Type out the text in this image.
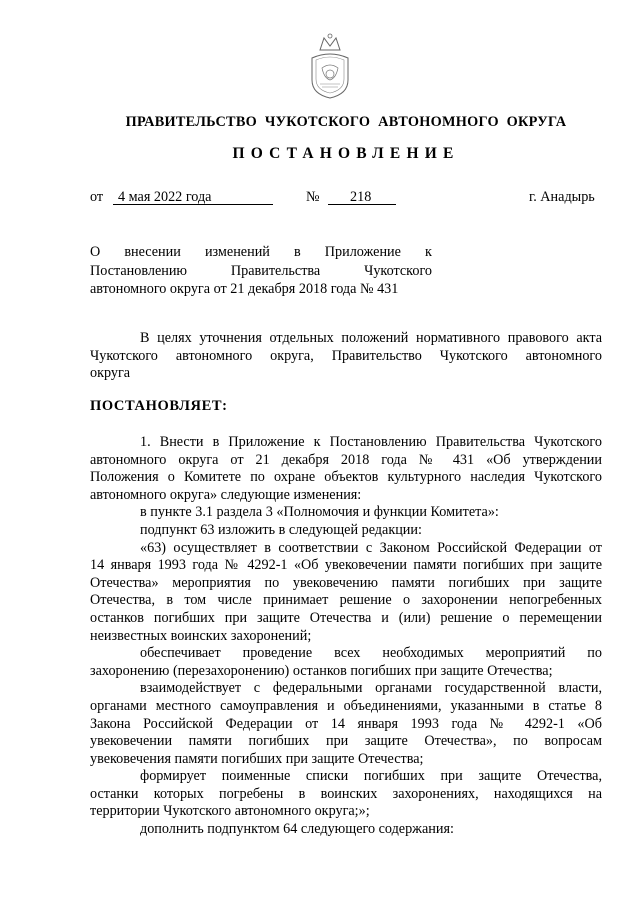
ПРАВИТЕЛЬСТВО ЧУКОТСКОГО АВТОНОМНОГО ОКРУГА
ПОСТАНОВЛЕНИЕ
от	4 мая 2022 года	№	218	г. Анадырь
О внесении изменений в Приложение к
Постановлению	Правительства	Чукотского
автономного округа от 21 декабря 2018 года № 431
В целях уточнения отдельных положений нормативного правового акта
Чукотского автономного округа, Правительство Чукотского автономного
округа
ПОСТАНОВЛЯЕТ:
1. Внести в Приложение к Постановлению Правительства Чукотского
автономного округа от 21 декабря 2018 года № 431 «Об утверждении
Положения о Комитете по охране объектов культурного наследия Чукотского
автономного округа» следующие изменения:
в пункте 3.1 раздела 3 «Полномочия и функции Комитета»:
подпункт 63 изложить в следующей редакции:
«63) осуществляет в соответствии с Законом Российской Федерации от
14 января 1993 года № 4292-1 «Об увековечении памяти погибших при защите
Отечества» мероприятия по увековечению памяти погибших при защите
Отечества, в том числе принимает решение о захоронении непогребенных
останков погибших при защите Отечества и (или) решение о перемещении
неизвестных воинских захоронений;
обеспечивает проведение всех необходимых мероприятий по
захоронению (перезахоронению) останков погибших при защите Отечества;
взаимодействует с федеральными органами государственной власти,
органами местного самоуправления и объединениями, указанными в статье 8
Закона Российской Федерации от 14 января 1993 года № 4292-1 «Об
увековечении памяти погибших при защите Отечества», по вопросам
увековечения памяти погибших при защите Отечества;
формирует поименные списки погибших при защите Отечества,
останки которых погребены в воинских захоронениях, находящихся на
территории Чукотского автономного округа;»;
дополнить подпунктом 64 следующего содержания:
